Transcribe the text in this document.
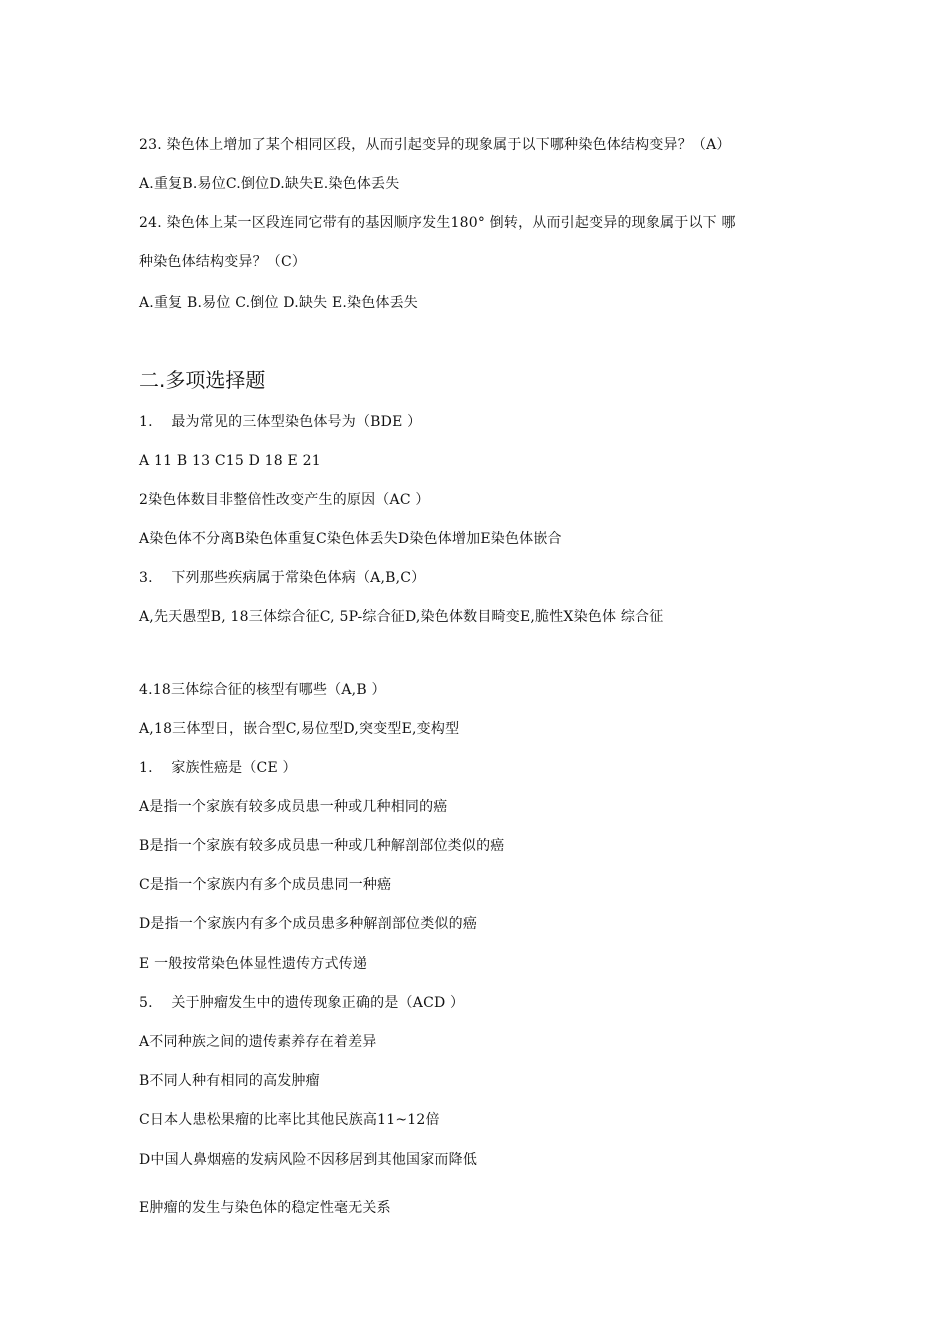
23. 染色体上增加了某个相同区段，从而引起变异的现象属于以下哪种染色体结构变异？（A）
A.重复B.易位C.倒位D.缺失E.染色体丢失
24. 染色体上某一区段连同它带有的基因顺序发生180° 倒转，从而引起变异的现象属于以下 哪
种染色体结构变异？（C）
A.重复 B.易位 C.倒位 D.缺失 E.染色体丢失
二.多项选择题
1.    最为常见的三体型染色体号为（BDE ）
A 11 B 13 C15 D 18 E 21
2染色体数目非整倍性改变产生的原因（AC ）
A染色体不分离B染色体重复C染色体丢失D染色体增加E染色体嵌合
3.    下列那些疾病属于常染色体病（A,B,C）
A,先天愚型B, 18三体综合征C, 5P-综合征D,染色体数目畸变E,脆性X染色体 综合征
4.18三体综合征的核型有哪些（A,B ）
A,18三体型日，嵌合型C,易位型D,突变型E,变构型
1.    家族性癌是（CE ）
A是指一个家族有较多成员患一种或几种相同的癌
B是指一个家族有较多成员患一种或几种解剖部位类似的癌
C是指一个家族内有多个成员患同一种癌
D是指一个家族内有多个成员患多种解剖部位类似的癌
E 一般按常染色体显性遗传方式传递
5.    关于肿瘤发生中的遗传现象正确的是（ACD ）
A不同种族之间的遗传素养存在着差异
B不同人种有相同的高发肿瘤
C日本人患松果瘤的比率比其他民族高11~12倍
D中国人鼻烟癌的发病风险不因移居到其他国家而降低
E肿瘤的发生与染色体的稳定性毫无关系
